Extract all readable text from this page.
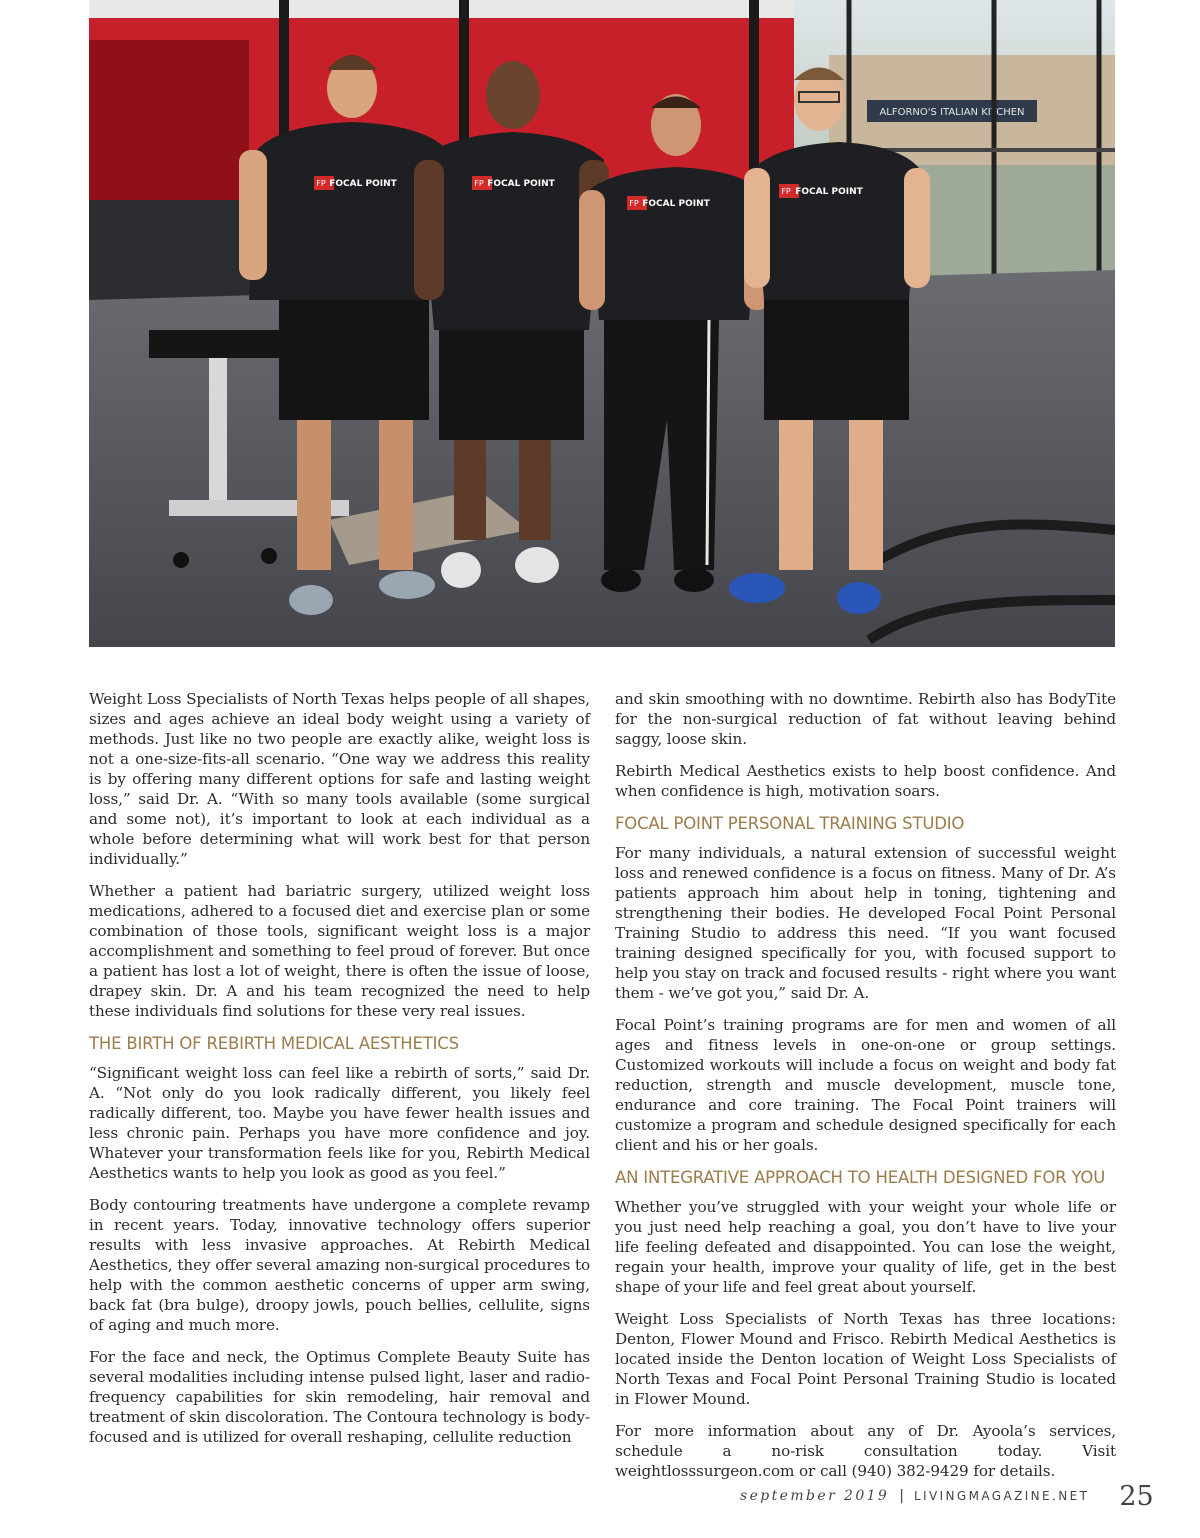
ALFORNO'S ITALIAN KITCHEN
FP FOCAL POINT	FP FOCAL POINT
FP FOCAL POINT
FP FOCAL POINT

Weight Loss Specialists of North Texas helps people of all shapes, sizes and ages achieve an ideal body weight using a variety of methods. Just like no two people are exactly alike, weight loss is not a one-size-fits-all scenario. “One way we address this reality is by offering many different options for safe and lasting weight loss,” said Dr. A. “With so many tools available (some surgical and some not), it’s important to look at each individual as a whole before determining what will work best for that person individually.”

Whether a patient had bariatric surgery, utilized weight loss medications, adhered to a focused diet and exercise plan or some combination of those tools, significant weight loss is a major accomplishment and something to feel proud of forever. But once a patient has lost a lot of weight, there is often the issue of loose, drapey skin. Dr. A and his team recognized the need to help these individuals find solutions for these very real issues.

THE BIRTH OF REBIRTH MEDICAL AESTHETICS

“Significant weight loss can feel like a rebirth of sorts,” said Dr. A. “Not only do you look radically different, you likely feel radically different, too. Maybe you have fewer health issues and less chronic pain. Perhaps you have more confidence and joy. Whatever your transformation feels like for you, Rebirth Medical Aesthetics wants to help you look as good as you feel.”

Body contouring treatments have undergone a complete revamp in recent years. Today, innovative technology offers superior results with less invasive approaches. At Rebirth Medical Aesthetics, they offer several amazing non-surgical procedures to help with the common aesthetic concerns of upper arm swing, back fat (bra bulge), droopy jowls, pouch bellies, cellulite, signs of aging and much more.

For the face and neck, the Optimus Complete Beauty Suite has several modalities including intense pulsed light, laser and radio-frequency capabilities for skin remodeling, hair removal and treatment of skin discoloration. The Contoura technology is body-focused and is utilized for overall reshaping, cellulite reduction

and skin smoothing with no downtime. Rebirth also has BodyTite for the non-surgical reduction of fat without leaving behind saggy, loose skin.

Rebirth Medical Aesthetics exists to help boost confidence. And when confidence is high, motivation soars.

FOCAL POINT PERSONAL TRAINING STUDIO

For many individuals, a natural extension of successful weight loss and renewed confidence is a focus on fitness. Many of Dr. A’s patients approach him about help in toning, tightening and strengthening their bodies. He developed Focal Point Personal Training Studio to address this need. “If you want focused training designed specifically for you, with focused support to help you stay on track and focused results - right where you want them - we’ve got you,” said Dr. A.

Focal Point’s training programs are for men and women of all ages and fitness levels in one-on-one or group settings. Customized workouts will include a focus on weight and body fat reduction, strength and muscle development, muscle tone, endurance and core training. The Focal Point trainers will customize a program and schedule designed specifically for each client and his or her goals.

AN INTEGRATIVE APPROACH TO HEALTH DESIGNED FOR YOU

Whether you’ve struggled with your weight your whole life or you just need help reaching a goal, you don’t have to live your life feeling defeated and disappointed. You can lose the weight, regain your health, improve your quality of life, get in the best shape of your life and feel great about yourself.

Weight Loss Specialists of North Texas has three locations: Denton, Flower Mound and Frisco. Rebirth Medical Aesthetics is located inside the Denton location of Weight Loss Specialists of North Texas and Focal Point Personal Training Studio is located in Flower Mound.

For more information about any of Dr. Ayoola’s services, schedule a no-risk consultation today. Visit weightlosssurgeon.com or call (940) 382-9429 for details.

september 2019 | LIVINGMAGAZINE.NET 25
